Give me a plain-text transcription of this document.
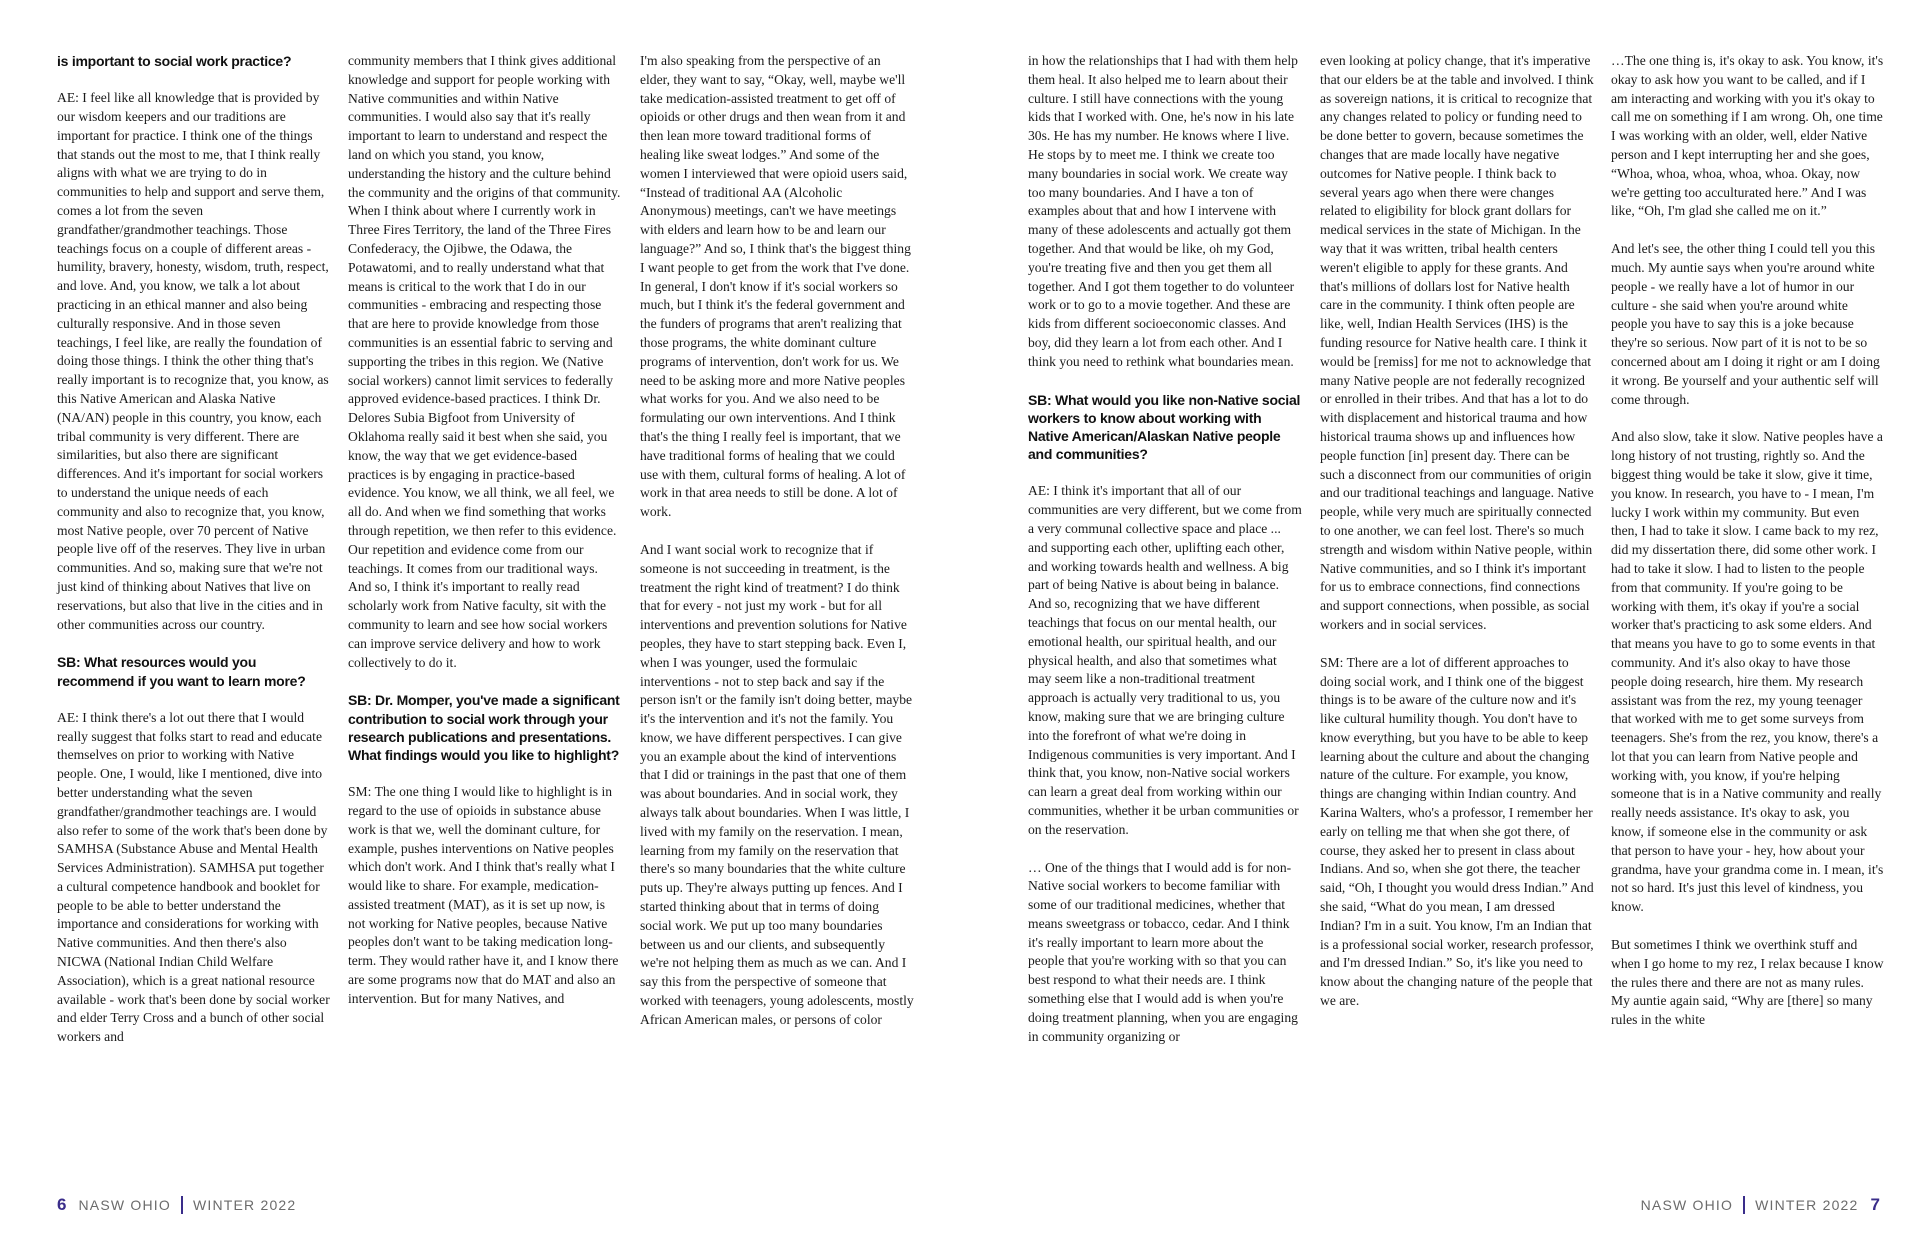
is important to social work practice?

AE: I feel like all knowledge that is provided by our wisdom keepers and our traditions are important for practice. I think one of the things that stands out the most to me, that I think really aligns with what we are trying to do in communities to help and support and serve them, comes a lot from the seven grandfather/grandmother teachings. Those teachings focus on a couple of different areas - humility, bravery, honesty, wisdom, truth, respect, and love. And, you know, we talk a lot about practicing in an ethical manner and also being culturally responsive. And in those seven teachings, I feel like, are really the foundation of doing those things. I think the other thing that's really important is to recognize that, you know, as this Native American and Alaska Native (NA/AN) people in this country, you know, each tribal community is very different. There are similarities, but also there are significant differences. And it's important for social workers to understand the unique needs of each community and also to recognize that, you know, most Native people, over 70 percent of Native people live off of the reserves. They live in urban communities. And so, making sure that we're not just kind of thinking about Natives that live on reservations, but also that live in the cities and in other communities across our country.

SB: What resources would you recommend if you want to learn more?

AE: I think there's a lot out there that I would really suggest that folks start to read and educate themselves on prior to working with Native people. One, I would, like I mentioned, dive into better understanding what the seven grandfather/grandmother teachings are. I would also refer to some of the work that's been done by SAMHSA (Substance Abuse and Mental Health Services Administration). SAMHSA put together a cultural competence handbook and booklet for people to be able to better understand the importance and considerations for working with Native communities. And then there's also NICWA (National Indian Child Welfare Association), which is a great national resource available - work that's been done by social worker and elder Terry Cross and a bunch of other social workers and

community members that I think gives additional knowledge and support for people working with Native communities and within Native communities. I would also say that it's really important to learn to understand and respect the land on which you stand, you know, understanding the history and the culture behind the community and the origins of that community. When I think about where I currently work in Three Fires Territory, the land of the Three Fires Confederacy, the Ojibwe, the Odawa, the Potawatomi, and to really understand what that means is critical to the work that I do in our communities - embracing and respecting those that are here to provide knowledge from those communities is an essential fabric to serving and supporting the tribes in this region. We (Native social workers) cannot limit services to federally approved evidence-based practices. I think Dr. Delores Subia Bigfoot from University of Oklahoma really said it best when she said, you know, the way that we get evidence-based practices is by engaging in practice-based evidence. You know, we all think, we all feel, we all do. And when we find something that works through repetition, we then refer to this evidence. Our repetition and evidence come from our teachings. It comes from our traditional ways. And so, I think it's important to really read scholarly work from Native faculty, sit with the community to learn and see how social workers can improve service delivery and how to work collectively to do it.

SB: Dr. Momper, you've made a significant contribution to social work through your research publications and presentations. What findings would you like to highlight?

SM: The one thing I would like to highlight is in regard to the use of opioids in substance abuse work is that we, well the dominant culture, for example, pushes interventions on Native peoples which don't work. And I think that's really what I would like to share. For example, medication-assisted treatment (MAT), as it is set up now, is not working for Native peoples, because Native peoples don't want to be taking medication long-term. They would rather have it, and I know there are some programs now that do MAT and also an intervention. But for many Natives, and

I'm also speaking from the perspective of an elder, they want to say, “Okay, well, maybe we'll take medication-assisted treatment to get off of opioids or other drugs and then wean from it and then lean more toward traditional forms of healing like sweat lodges.” And some of the women I interviewed that were opioid users said, “Instead of traditional AA (Alcoholic Anonymous) meetings, can't we have meetings with elders and learn how to be and learn our language?” And so, I think that's the biggest thing I want people to get from the work that I've done. In general, I don't know if it's social workers so much, but I think it's the federal government and the funders of programs that aren't realizing that those programs, the white dominant culture programs of intervention, don't work for us. We need to be asking more and more Native peoples what works for you. And we also need to be formulating our own interventions. And I think that's the thing I really feel is important, that we have traditional forms of healing that we could use with them, cultural forms of healing. A lot of work in that area needs to still be done. A lot of work.

And I want social work to recognize that if someone is not succeeding in treatment, is the treatment the right kind of treatment? I do think that for every - not just my work - but for all interventions and prevention solutions for Native peoples, they have to start stepping back. Even I, when I was younger, used the formulaic interventions - not to step back and say if the person isn't or the family isn't doing better, maybe it's the intervention and it's not the family. You know, we have different perspectives. I can give you an example about the kind of interventions that I did or trainings in the past that one of them was about boundaries. And in social work, they always talk about boundaries. When I was little, I lived with my family on the reservation. I mean, learning from my family on the reservation that there's so many boundaries that the white culture puts up. They're always putting up fences. And I started thinking about that in terms of doing social work. We put up too many boundaries between us and our clients, and subsequently we're not helping them as much as we can. And I say this from the perspective of someone that worked with teenagers, young adolescents, mostly African American males, or persons of color

6 NASW OHIO WINTER 2022

in how the relationships that I had with them help them heal. It also helped me to learn about their culture. I still have connections with the young kids that I worked with. One, he's now in his late 30s. He has my number. He knows where I live. He stops by to meet me. I think we create too many boundaries in social work. We create way too many boundaries. And I have a ton of examples about that and how I intervene with many of these adolescents and actually got them together. And that would be like, oh my God, you're treating five and then you get them all together. And I got them together to do volunteer work or to go to a movie together. And these are kids from different socioeconomic classes. And boy, did they learn a lot from each other. And I think you need to rethink what boundaries mean.

SB: What would you like non-Native social workers to know about working with Native American/Alaskan Native people and communities?

AE: I think it's important that all of our communities are very different, but we come from a very communal collective space and place ... and supporting each other, uplifting each other, and working towards health and wellness. A big part of being Native is about being in balance. And so, recognizing that we have different teachings that focus on our mental health, our emotional health, our spiritual health, and our physical health, and also that sometimes what may seem like a non-traditional treatment approach is actually very traditional to us, you know, making sure that we are bringing culture into the forefront of what we're doing in Indigenous communities is very important. And I think that, you know, non-Native social workers can learn a great deal from working within our communities, whether it be urban communities or on the reservation.

… One of the things that I would add is for non-Native social workers to become familiar with some of our traditional medicines, whether that means sweetgrass or tobacco, cedar. And I think it's really important to learn more about the people that you're working with so that you can best respond to what their needs are. I think something else that I would add is when you're doing treatment planning, when you are engaging in community organizing or

even looking at policy change, that it's imperative that our elders be at the table and involved. I think as sovereign nations, it is critical to recognize that any changes related to policy or funding need to be done better to govern, because sometimes the changes that are made locally have negative outcomes for Native people. I think back to several years ago when there were changes related to eligibility for block grant dollars for medical services in the state of Michigan. In the way that it was written, tribal health centers weren't eligible to apply for these grants. And that's millions of dollars lost for Native health care in the community. I think often people are like, well, Indian Health Services (IHS) is the funding resource for Native health care. I think it would be [remiss] for me not to acknowledge that many Native people are not federally recognized or enrolled in their tribes. And that has a lot to do with displacement and historical trauma and how historical trauma shows up and influences how people function [in] present day. There can be such a disconnect from our communities of origin and our traditional teachings and language. Native people, while very much are spiritually connected to one another, we can feel lost. There's so much strength and wisdom within Native people, within Native communities, and so I think it's important for us to embrace connections, find connections and support connections, when possible, as social workers and in social services.

SM: There are a lot of different approaches to doing social work, and I think one of the biggest things is to be aware of the culture now and it's like cultural humility though. You don't have to know everything, but you have to be able to keep learning about the culture and about the changing nature of the culture. For example, you know, things are changing within Indian country. And Karina Walters, who's a professor, I remember her early on telling me that when she got there, of course, they asked her to present in class about Indians. And so, when she got there, the teacher said, “Oh, I thought you would dress Indian.” And she said, “What do you mean, I am dressed Indian? I'm in a suit. You know, I'm an Indian that is a professional social worker, research professor, and I'm dressed Indian.” So, it's like you need to know about the changing nature of the people that we are.

…The one thing is, it's okay to ask. You know, it's okay to ask how you want to be called, and if I am interacting and working with you it's okay to call me on something if I am wrong. Oh, one time I was working with an older, well, elder Native person and I kept interrupting her and she goes, “Whoa, whoa, whoa, whoa, whoa. Okay, now we're getting too acculturated here.” And I was like, “Oh, I'm glad she called me on it.”

And let's see, the other thing I could tell you this much. My auntie says when you're around white people - we really have a lot of humor in our culture - she said when you're around white people you have to say this is a joke because they're so serious. Now part of it is not to be so concerned about am I doing it right or am I doing it wrong. Be yourself and your authentic self will come through.

And also slow, take it slow. Native peoples have a long history of not trusting, rightly so. And the biggest thing would be take it slow, give it time, you know. In research, you have to - I mean, I'm lucky I work within my community. But even then, I had to take it slow. I came back to my rez, did my dissertation there, did some other work. I had to take it slow. I had to listen to the people from that community. If you're going to be working with them, it's okay if you're a social worker that's practicing to ask some elders. And that means you have to go to some events in that community. And it's also okay to have those people doing research, hire them. My research assistant was from the rez, my young teenager that worked with me to get some surveys from teenagers. She's from the rez, you know, there's a lot that you can learn from Native people and working with, you know, if you're helping someone that is in a Native community and really really needs assistance. It's okay to ask, you know, if someone else in the community or ask that person to have your - hey, how about your grandma, have your grandma come in. I mean, it's not so hard. It's just this level of kindness, you know.

But sometimes I think we overthink stuff and when I go home to my rez, I relax because I know the rules there and there are not as many rules. My auntie again said, “Why are [there] so many rules in the white

NASW OHIO WINTER 2022 7
